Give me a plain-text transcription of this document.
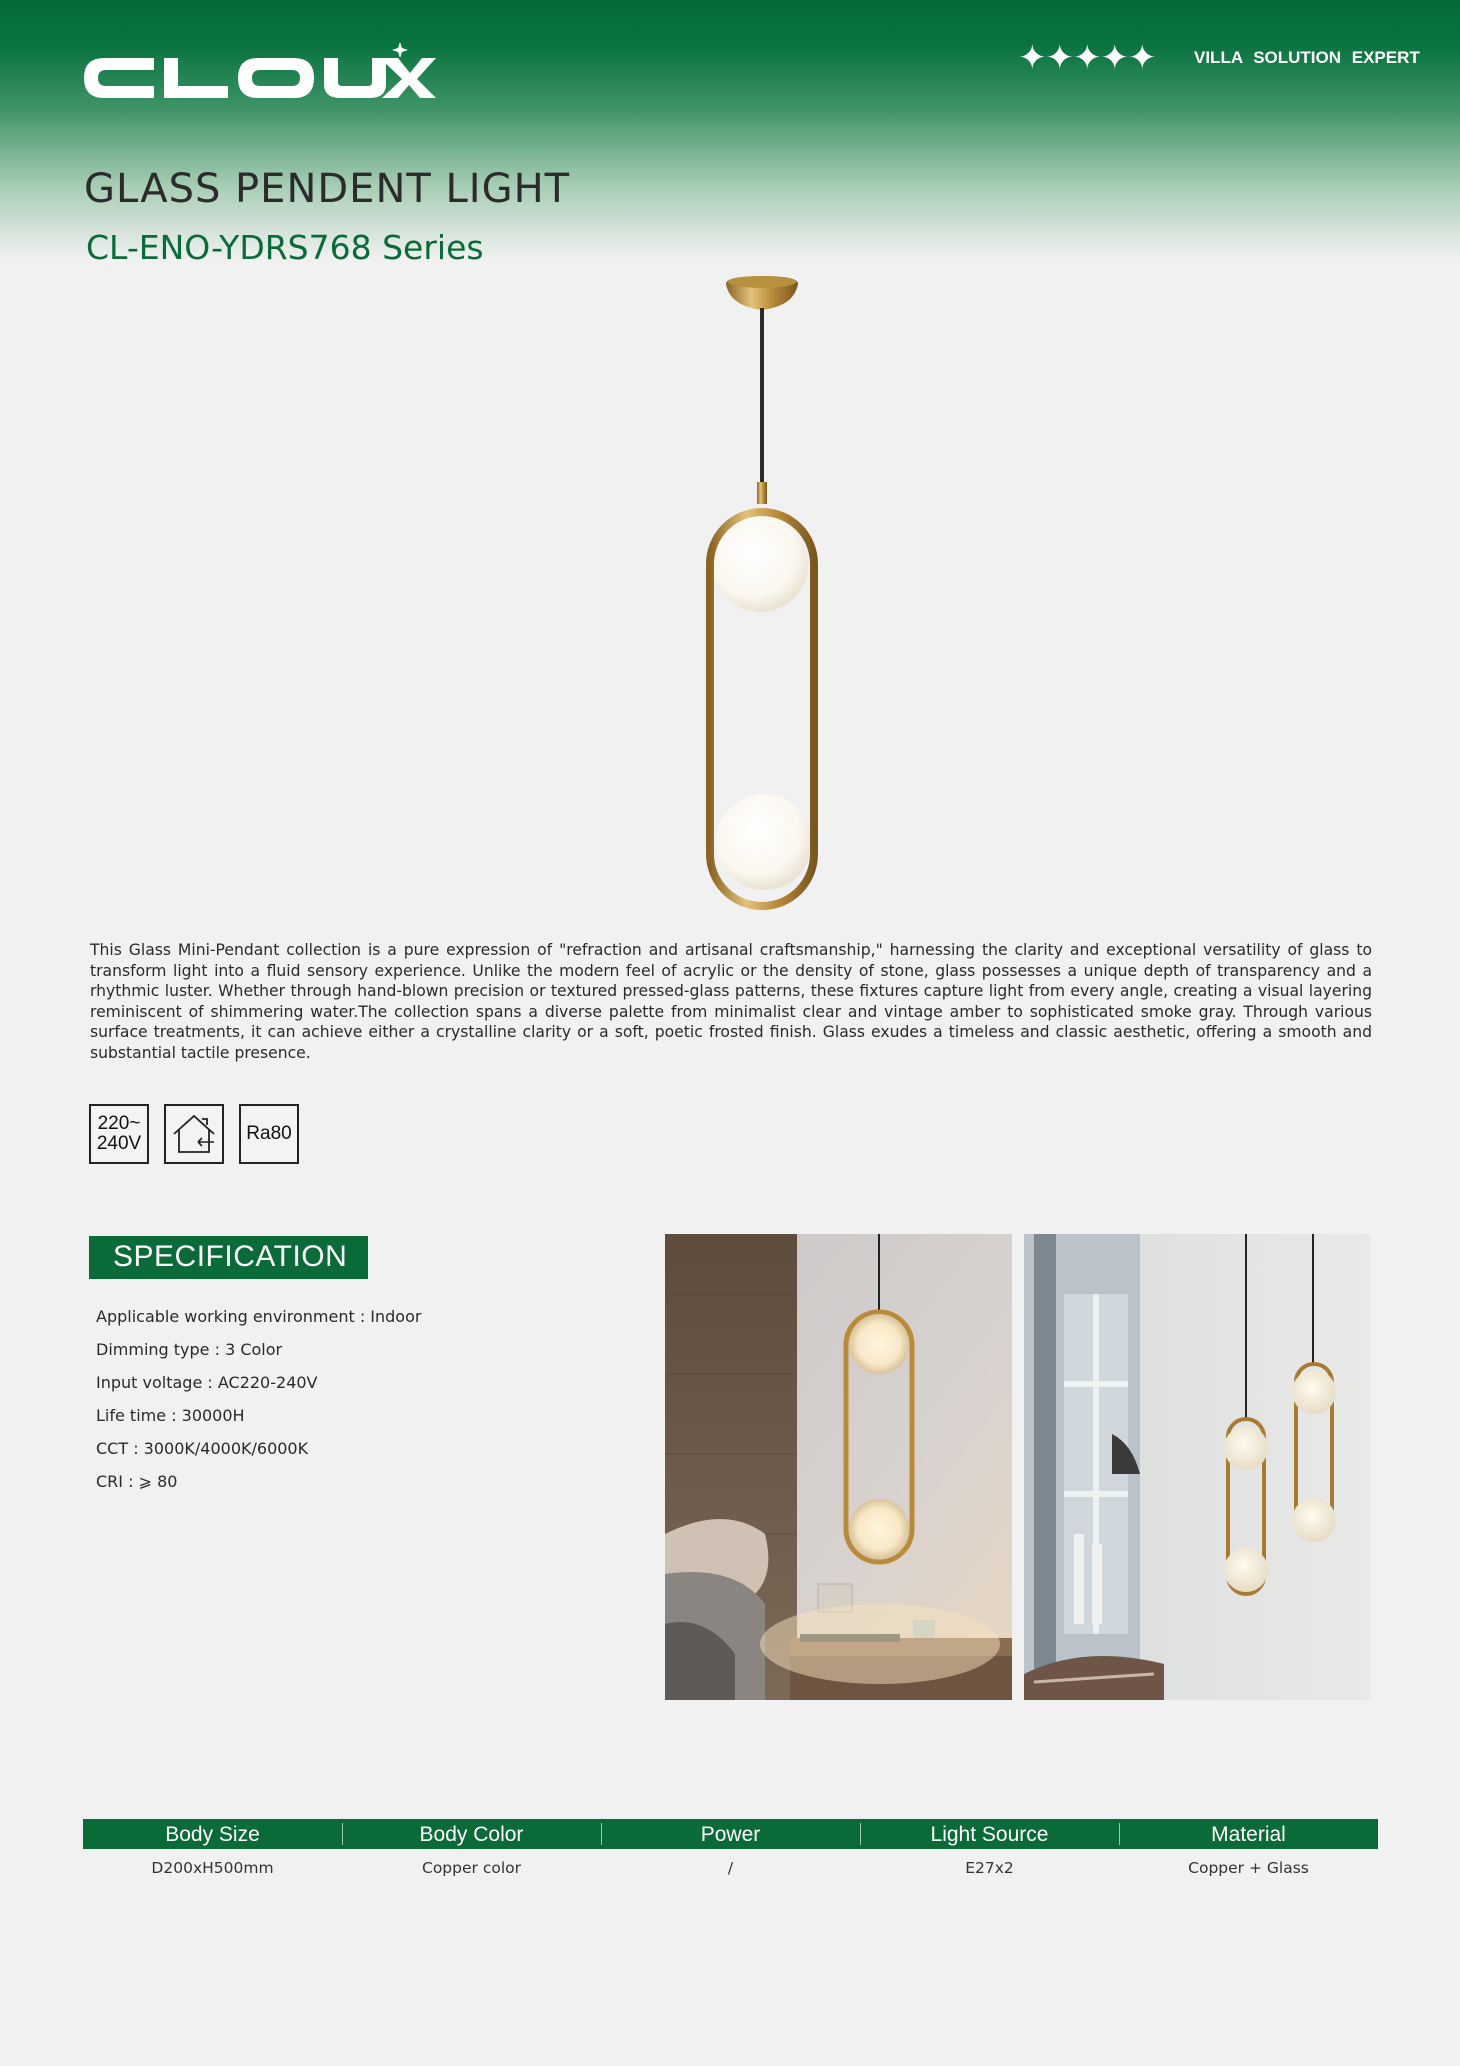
✦✦✦✦✦ VILLA SOLUTION EXPERT
GLASS PENDENT LIGHT
CL-ENO-YDRS768 Series

This Glass Mini-Pendant collection is a pure expression of "refraction and artisanal craftsmanship," harnessing the clarity and exceptional versatility of glass to transform light into a fluid sensory experience. Unlike the modern feel of acrylic or the density of stone, glass possesses a unique depth of transparency and a rhythmic luster. Whether through hand-blown precision or textured pressed-glass patterns, these fixtures capture light from every angle, creating a visual layering reminiscent of shimmering water.The collection spans a diverse palette from minimalist clear and vintage amber to sophisticated smoke gray. Through various surface treatments, it can achieve either a crystalline clarity or a soft, poetic frosted finish. Glass exudes a timeless and classic aesthetic, offering a smooth and substantial tactile presence.

220~
240V	Ra80
SPECIFICATION
Applicable working environment : Indoor
Dimming type : 3 Color
Input voltage : AC220-240V
Life time : 30000H
CCT : 3000K/4000K/6000K
CRI : ⩾ 80
Body Size	Body Color	Power	Light Source	Material
D200xH500mm	Copper color	/	E27x2	Copper + Glass
